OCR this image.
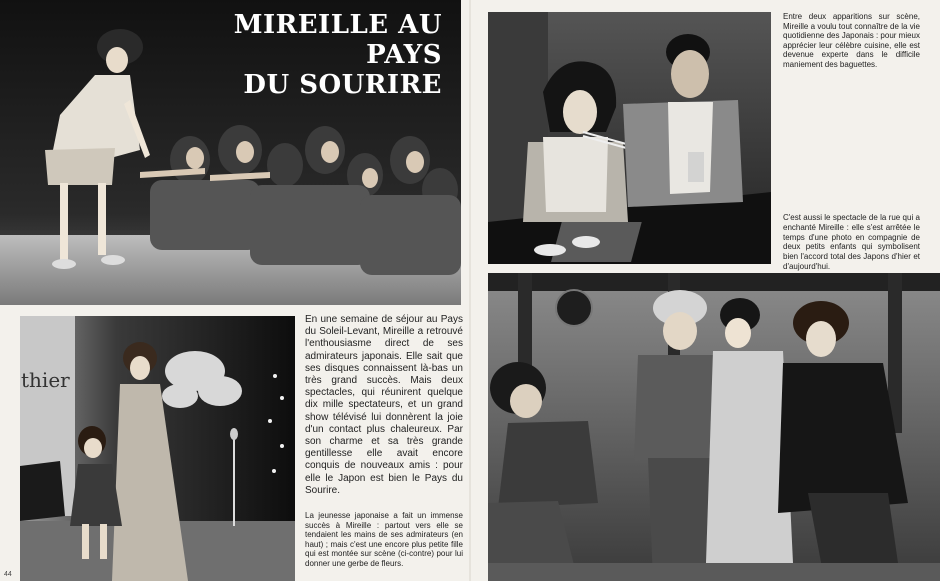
MIREILLE AU PAYS
DU SOURIRE
thier
En une semaine de séjour au Pays du Soleil-Levant, Mireille a retrouvé l'enthousiasme direct de ses admirateurs japonais. Elle sait que ses disques connaissent là-bas un très grand succès. Mais deux spectacles, qui réunirent quelque dix mille spectateurs, et un grand show télévisé lui donnèrent la joie d'un contact plus chaleureux. Par son charme et sa très grande gentillesse elle avait encore conquis de nouveaux amis : pour elle le Japon est bien le Pays du Sourire.
La jeunesse japonaise a fait un immense succès à Mireille : partout vers elle se tendaient les mains de ses admirateurs (en haut) ; mais c'est une encore plus petite fille qui est montée sur scène (ci-contre) pour lui donner une gerbe de fleurs.
44
Entre deux apparitions sur scène, Mireille a voulu tout connaître de la vie quotidienne des Japonais : pour mieux apprécier leur célèbre cuisine, elle est devenue experte dans le difficile maniement des baguettes.
C'est aussi le spectacle de la rue qui a enchanté Mireille : elle s'est arrêtée le temps d'une photo en compagnie de deux petits enfants qui symbolisent bien l'accord total des Japons d'hier et d'aujourd'hui.
